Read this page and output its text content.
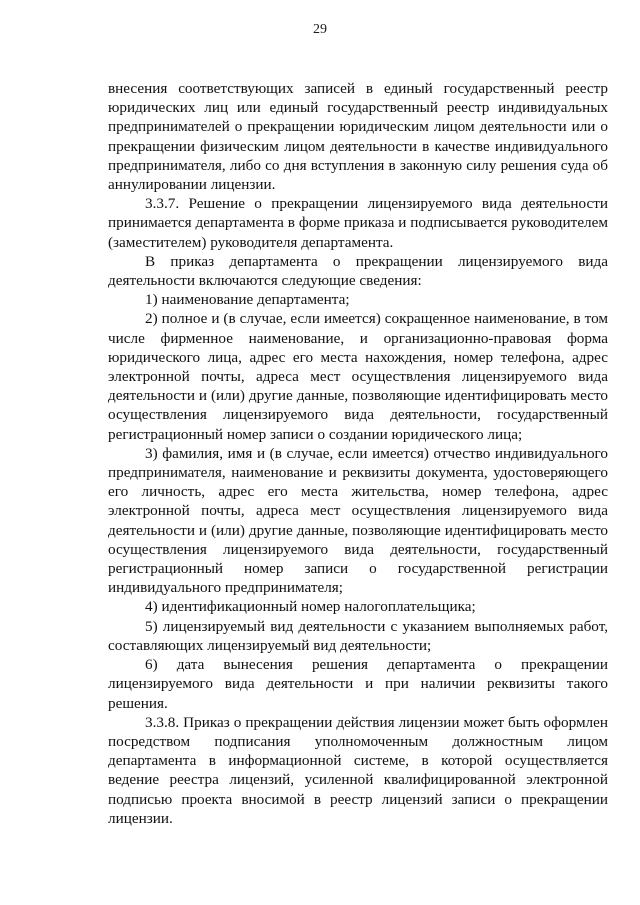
29

внесения соответствующих записей в единый государственный реестр юридических лиц или единый государственный реестр индивидуальных предпринимателей о прекращении юридическим лицом деятельности или о прекращении физическим лицом деятельности в качестве индивидуального предпринимателя, либо со дня вступления в законную силу решения суда об аннулировании лицензии.

3.3.7. Решение о прекращении лицензируемого вида деятельности принимается департамента в форме приказа и подписывается руководителем (заместителем) руководителя департамента.

В приказ департамента о прекращении лицензируемого вида деятельности включаются следующие сведения:

1) наименование департамента;

2) полное и (в случае, если имеется) сокращенное наименование, в том числе фирменное наименование, и организационно-правовая форма юридического лица, адрес его места нахождения, номер телефона, адрес электронной почты, адреса мест осуществления лицензируемого вида деятельности и (или) другие данные, позволяющие идентифицировать место осуществления лицензируемого вида деятельности, государственный регистрационный номер записи о создании юридического лица;

3) фамилия, имя и (в случае, если имеется) отчество индивидуального предпринимателя, наименование и реквизиты документа, удостоверяющего его личность, адрес его места жительства, номер телефона, адрес электронной почты, адреса мест осуществления лицензируемого вида деятельности и (или) другие данные, позволяющие идентифицировать место осуществления лицензируемого вида деятельности, государственный регистрационный номер записи о государственной регистрации индивидуального предпринимателя;

4) идентификационный номер налогоплательщика;

5) лицензируемый вид деятельности с указанием выполняемых работ, составляющих лицензируемый вид деятельности;

6) дата вынесения решения департамента о прекращении лицензируемого вида деятельности и при наличии реквизиты такого решения.

3.3.8. Приказ о прекращении действия лицензии может быть оформлен посредством подписания уполномоченным должностным лицом департамента в информационной системе, в которой осуществляется ведение реестра лицензий, усиленной квалифицированной электронной подписью проекта вносимой в реестр лицензий записи о прекращении лицензии.
